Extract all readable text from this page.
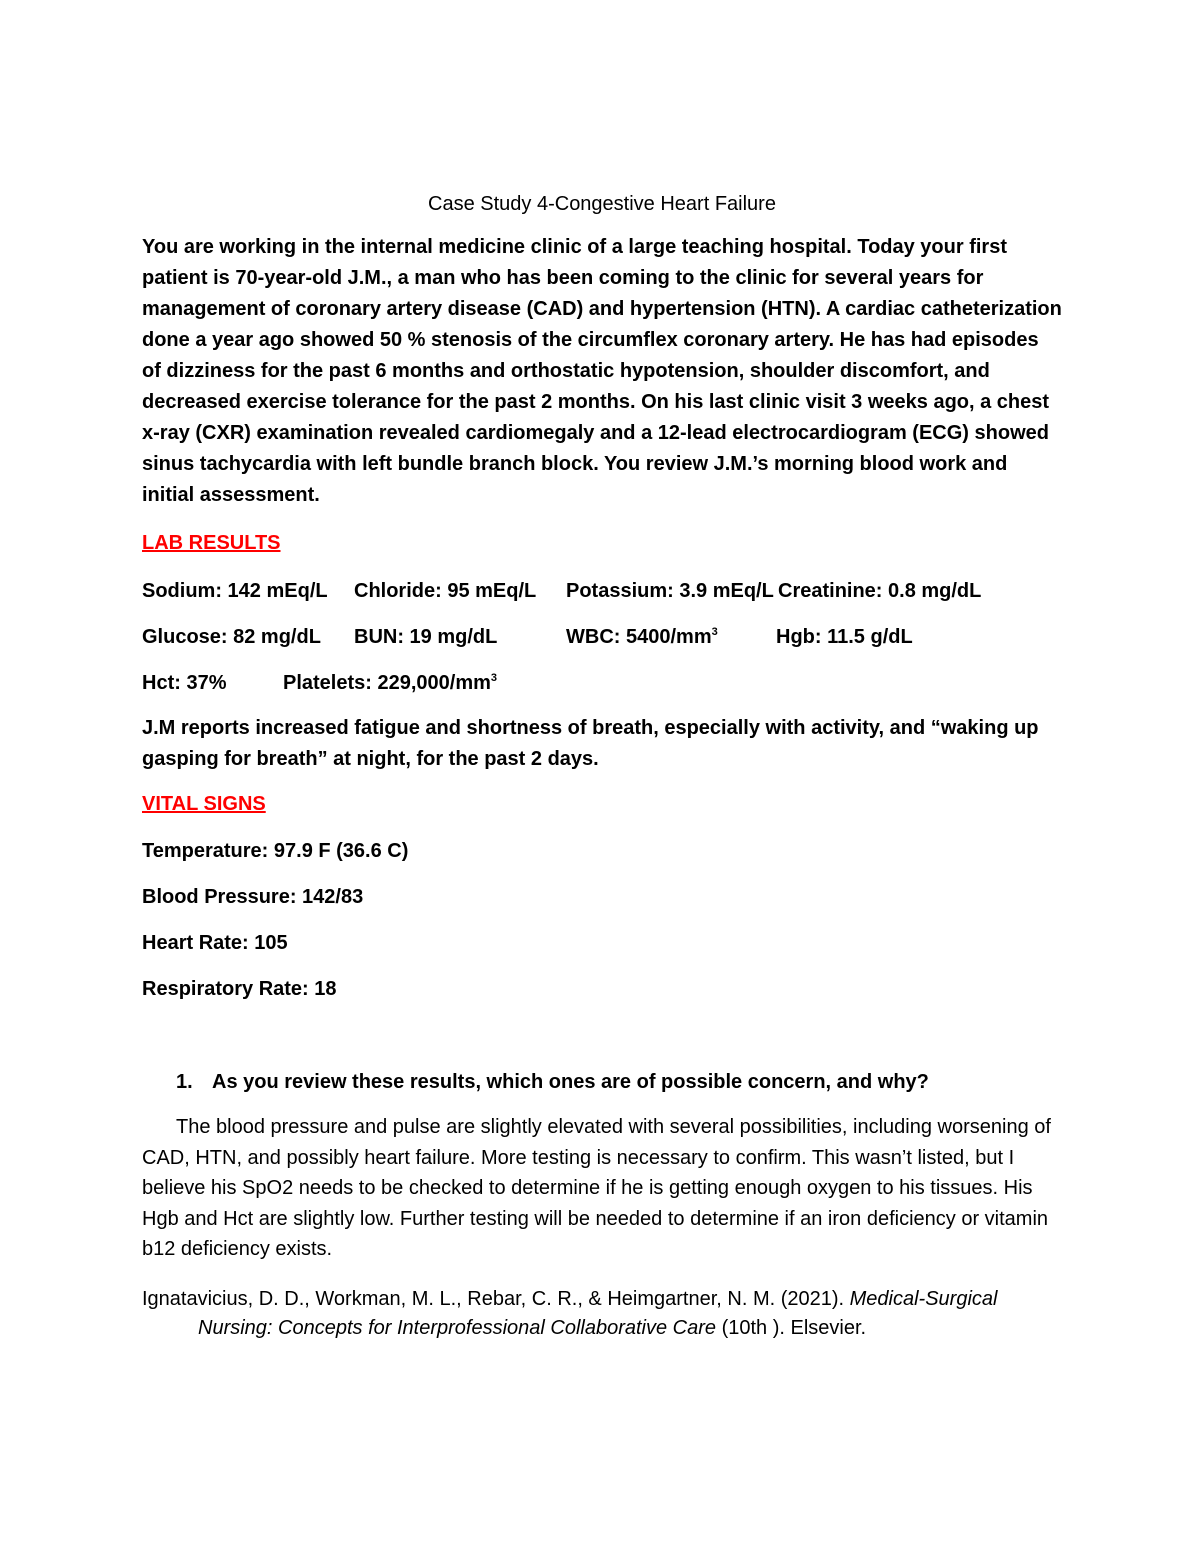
Case Study 4-Congestive Heart Failure

You are working in the internal medicine clinic of a large teaching hospital. Today your first patient is 70-year-old J.M., a man who has been coming to the clinic for several years for management of coronary artery disease (CAD) and hypertension (HTN). A cardiac catheterization done a year ago showed 50 % stenosis of the circumflex coronary artery. He has had episodes of dizziness for the past 6 months and orthostatic hypotension, shoulder discomfort, and decreased exercise tolerance for the past 2 months. On his last clinic visit 3 weeks ago, a chest x-ray (CXR) examination revealed cardiomegaly and a 12-lead electrocardiogram (ECG) showed sinus tachycardia with left bundle branch block. You review J.M.’s morning blood work and initial assessment.

LAB RESULTS

Sodium: 142 mEq/L Chloride: 95 mEq/L Potassium: 3.9 mEq/L Creatinine: 0.8 mg/dL
Glucose: 82 mg/dL BUN: 19 mg/dL	WBC: $5400/mm^3$	Hgb: 11.5 g/dL
Hct: 37%	Platelets: $229,000/mm^3$

J.M reports increased fatigue and shortness of breath, especially with activity, and “waking up gasping for breath” at night, for the past 2 days.

VITAL SIGNS

Temperature: 97.9 F (36.6 C)

Blood Pressure: 142/83

Heart Rate: 105

Respiratory Rate: 18

1. As you review these results, which ones are of possible concern, and why?

The blood pressure and pulse are slightly elevated with several possibilities, including worsening of CAD, HTN, and possibly heart failure. More testing is necessary to confirm. This wasn’t listed, but I believe his SpO2 needs to be checked to determine if he is getting enough oxygen to his tissues. His Hgb and Hct are slightly low. Further testing will be needed to determine if an iron deficiency or vitamin b12 deficiency exists.

Ignatavicius, D. D., Workman, M. L., Rebar, C. R., & Heimgartner, N. M. (2021). Medical-Surgical Nursing: Concepts for Interprofessional Collaborative Care (10th ). Elsevier.
